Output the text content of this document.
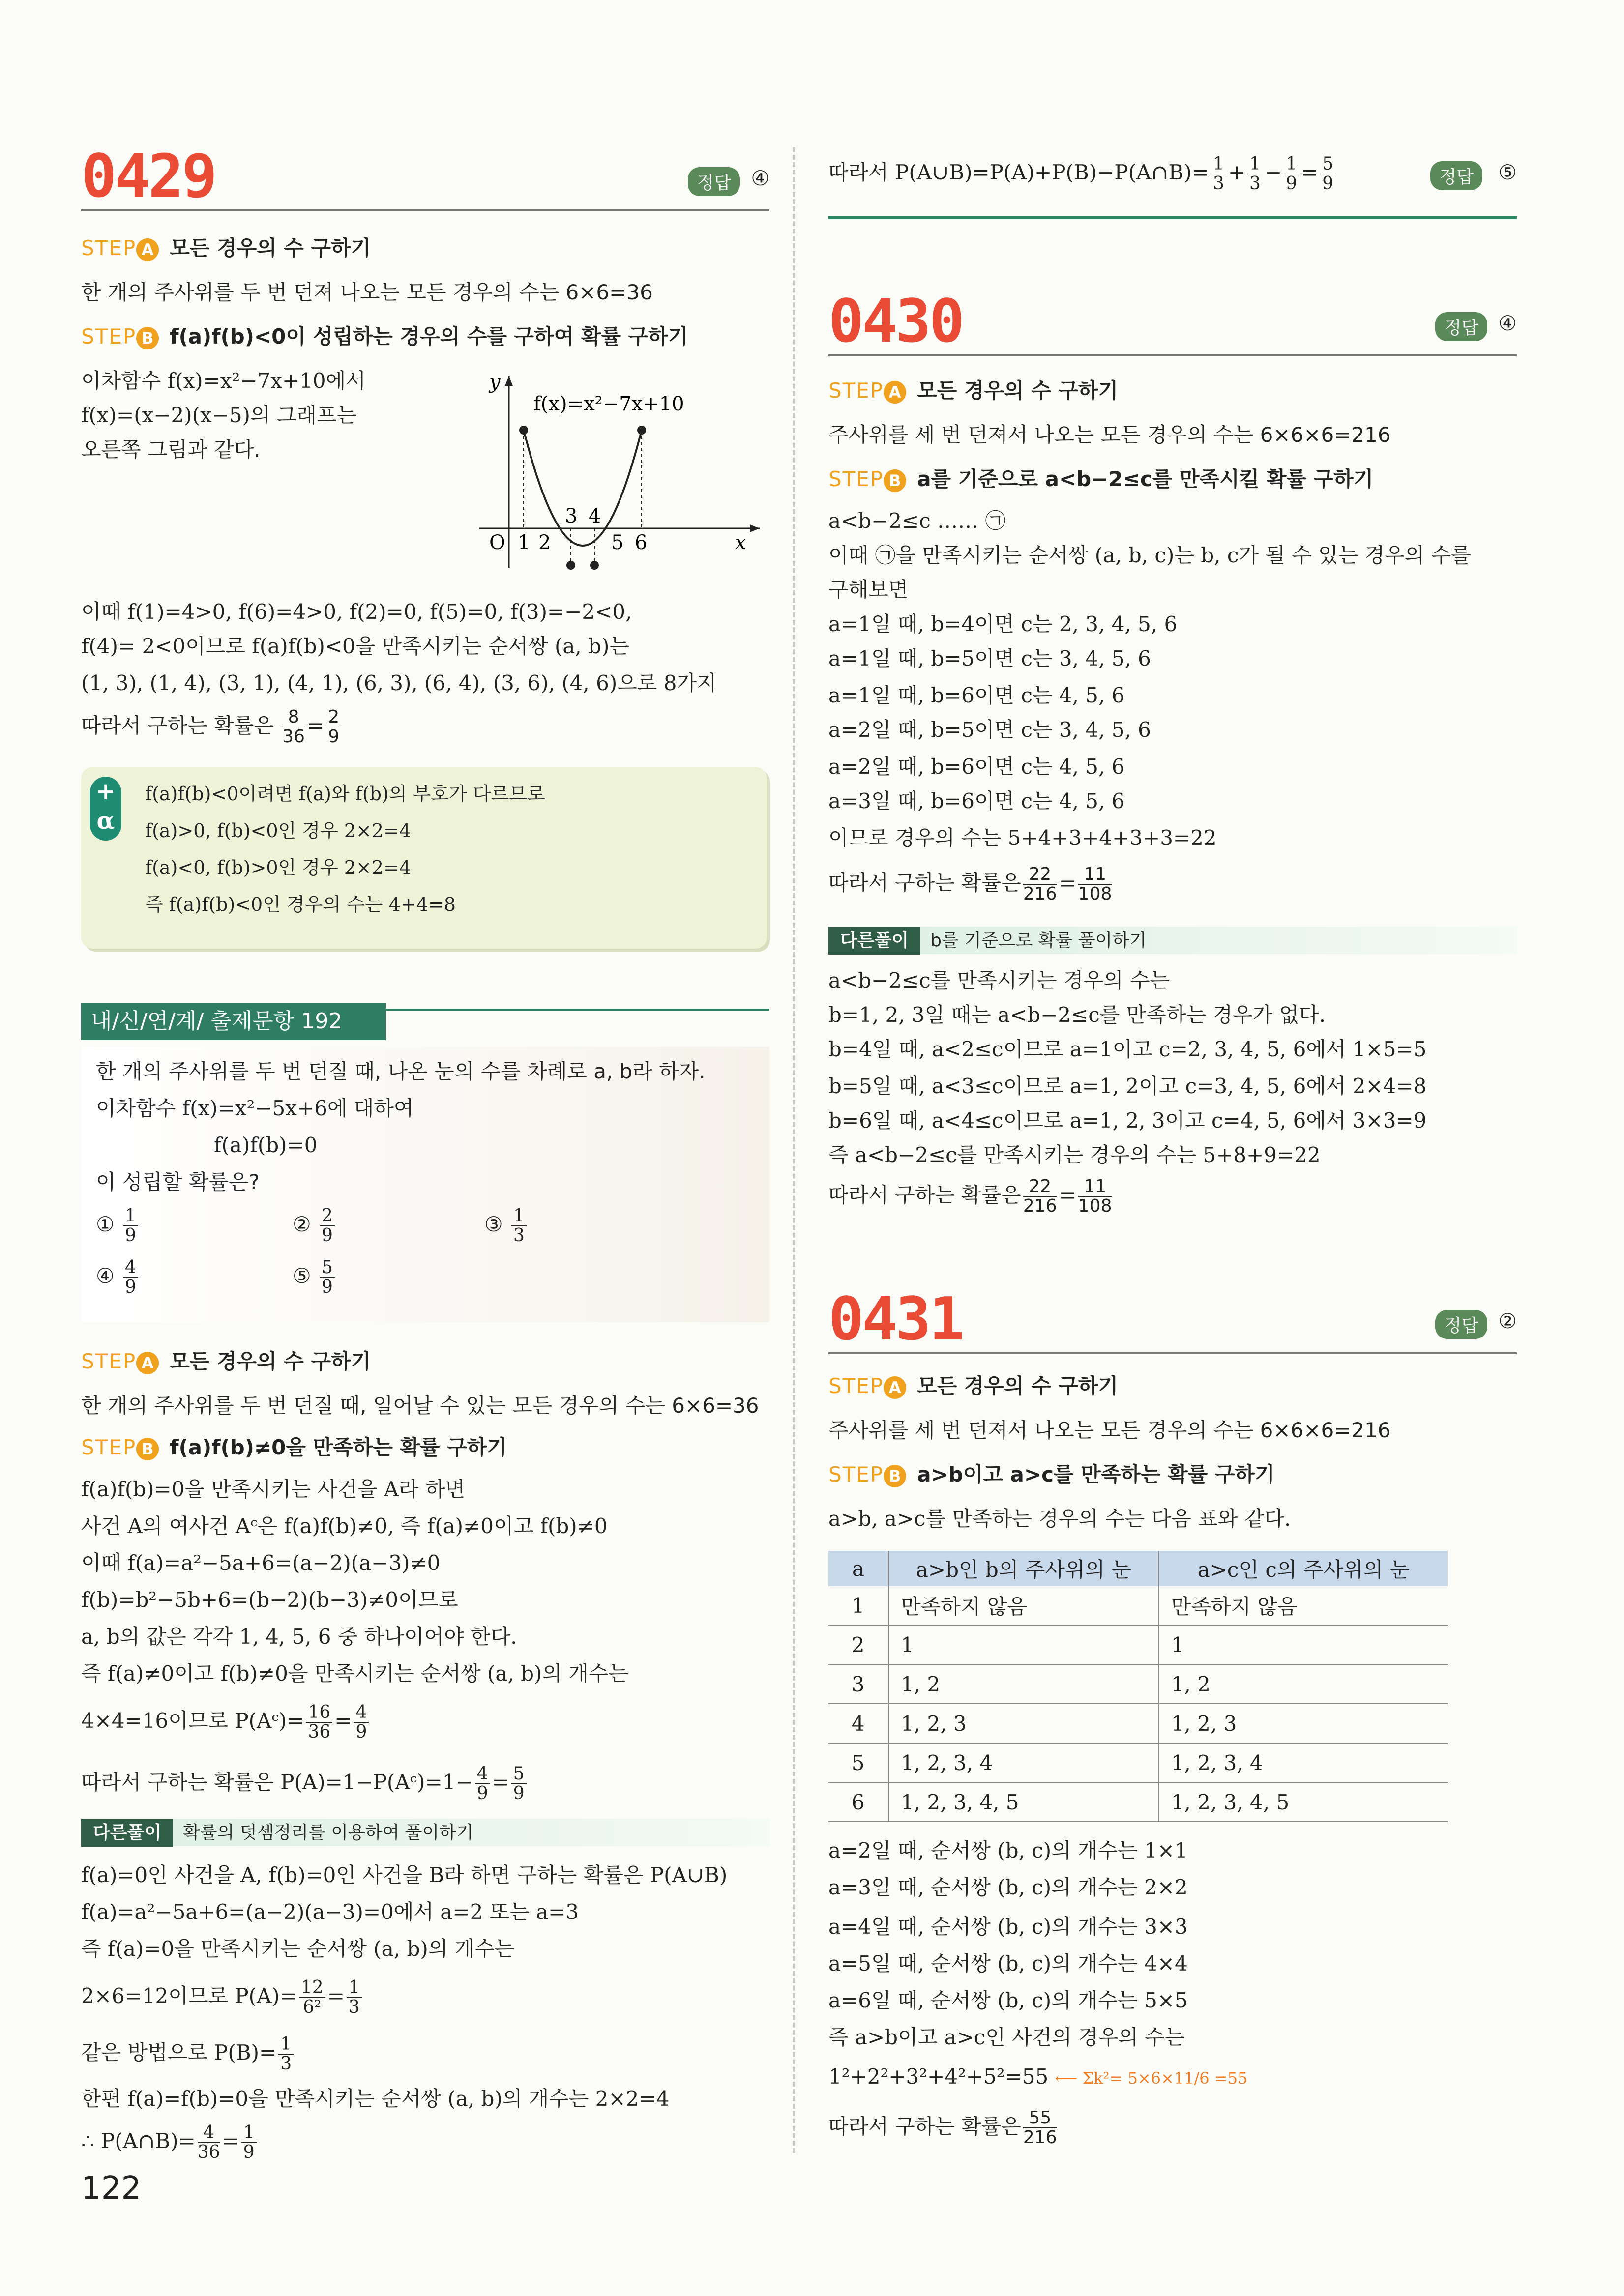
0429	정답 ④
STEP A 모든 경우의 수 구하기
한 개의 주사위를 두 번 던져 나오는 모든 경우의 수는 6×6=36
STEP B f(a)f(b)<0이 성립하는 경우의 수를 구하여 확률 구하기
이차함수 f(x)=x²−7x+10에서
f(x)=(x−2)(x−5)의 그래프는
오른쪽 그림과 같다.
O 1 2
3 4
5 6	x
y
f(x)=x²−7x+10
이때 f(1)=4>0, f(6)=4>0, f(2)=0, f(5)=0, f(3)=−2<0,
f(4)= 2<0이므로 f(a)f(b)<0을 만족시키는 순서쌍 (a, b)는
(1, 3), (1, 4), (3, 1), (4, 1), (6, 3), (6, 4), (3, 6), (4, 6)으로 8가지
따라서 구하는 확률은 $\frac{8}{36} = \frac{2}{9}$
+
α
f(a)f(b)<0이려면 f(a)와 f(b)의 부호가 다르므로
f(a)>0, f(b)<0인 경우 2×2=4
f(a)<0, f(b)>0인 경우 2×2=4
즉 f(a)f(b)<0인 경우의 수는 4+4=8
내/신/연/계/ 출제문항 192
한 개의 주사위를 두 번 던질 때, 나온 눈의 수를 차례로 a, b라 하자.
이차함수 f(x)=x²−5x+6에 대하여
f(a)f(b)=0
이 성립할 확률은?
① $\frac{1}{9}$	② $\frac{2}{9}$	③ $\frac{1}{3}$
④ $\frac{4}{9}$	⑤ $\frac{5}{9}$
STEP A 모든 경우의 수 구하기
한 개의 주사위를 두 번 던질 때, 일어날 수 있는 모든 경우의 수는 6×6=36
STEP B f(a)f(b)≠0을 만족하는 확률 구하기
f(a)f(b)=0을 만족시키는 사건을 A라 하면
사건 A의 여사건 Aᶜ은 f(a)f(b)≠0, 즉 f(a)≠0이고 f(b)≠0
이때 f(a)=a²−5a+6=(a−2)(a−3)≠0
f(b)=b²−5b+6=(b−2)(b−3)≠0이므로
a, b의 값은 각각 1, 4, 5, 6 중 하나이어야 한다.
즉 f(a)≠0이고 f(b)≠0을 만족시키는 순서쌍 (a, b)의 개수는
4×4=16이므로 P(Aᶜ)= $\frac{16}{36} = \frac{4}{9}$
따라서 구하는 확률은 P(A)=1−P(Aᶜ)=1− $\frac{4}{9} = \frac{5}{9}$
다른풀이 확률의 덧셈정리를 이용하여 풀이하기
f(a)=0인 사건을 A, f(b)=0인 사건을 B라 하면 구하는 확률은 P(A∪B)
f(a)=a²−5a+6=(a−2)(a−3)=0에서 a=2 또는 a=3
즉 f(a)=0을 만족시키는 순서쌍 (a, b)의 개수는
2×6=12이므로 $P(A)= \frac{12}{\text{6²}} = \frac{1}{3}$
같은 방법으로 $P(B)= \frac{1}{3}$
한편 f(a)=f(b)=0을 만족시키는 순서쌍 (a, b)의 개수는 2×2=4
∴ P(A∩B)= $\frac{4}{36} = \frac{1}{9}$
따라서 P(A∪B)=P(A)+P(B)−P(A∩B)= $\frac{1}{3} + \frac{1}{3} - \frac{1}{9} = \frac{5}{9}$	정답	⑤
0430	정답 ④
STEP A 모든 경우의 수 구하기
주사위를 세 번 던져서 나오는 모든 경우의 수는 6×6×6=216
STEP B a를 기준으로 a<b−2≤c를 만족시킬 확률 구하기
a<b−2≤c …… ㉠
이때 ㉠을 만족시키는 순서쌍 (a, b, c)는 b, c가 될 수 있는 경우의 수를
구해보면
a=1일 때, b=4이면 c는 2, 3, 4, 5, 6
a=1일 때, b=5이면 c는 3, 4, 5, 6
a=1일 때, b=6이면 c는 4, 5, 6
a=2일 때, b=5이면 c는 3, 4, 5, 6
a=2일 때, b=6이면 c는 4, 5, 6
a=3일 때, b=6이면 c는 4, 5, 6
이므로 경우의 수는 5+4+3+4+3+3=22
따라서 구하는 확률은 $\frac{22}{216} = \frac{11}{108}$
다른풀이 b를 기준으로 확률 풀이하기
a<b−2≤c를 만족시키는 경우의 수는
b=1, 2, 3일 때는 a<b−2≤c를 만족하는 경우가 없다.
b=4일 때, a<2≤c이므로 a=1이고 c=2, 3, 4, 5, 6에서 1×5=5
b=5일 때, a<3≤c이므로 a=1, 2이고 c=3, 4, 5, 6에서 2×4=8
b=6일 때, a<4≤c이므로 a=1, 2, 3이고 c=4, 5, 6에서 3×3=9
즉 a<b−2≤c를 만족시키는 경우의 수는 5+8+9=22
따라서 구하는 확률은 $\frac{22}{216} = \frac{11}{108}$
0431	정답 ②
STEP A 모든 경우의 수 구하기
주사위를 세 번 던져서 나오는 모든 경우의 수는 6×6×6=216
STEP B a>b이고 a>c를 만족하는 확률 구하기
a>b, a>c를 만족하는 경우의 수는 다음 표와 같다.
a	a>b인 b의 주사위의 눈	a>c인 c의 주사위의 눈
1	만족하지 않음	만족하지 않음
2	1	1
3	1, 2	1, 2
4	1, 2, 3	1, 2, 3
5	1, 2, 3, 4	1, 2, 3, 4
6	1, 2, 3, 4, 5	1, 2, 3, 4, 5
a=2일 때, 순서쌍 (b, c)의 개수는 1×1
a=3일 때, 순서쌍 (b, c)의 개수는 2×2
a=4일 때, 순서쌍 (b, c)의 개수는 3×3
a=5일 때, 순서쌍 (b, c)의 개수는 4×4
a=6일 때, 순서쌍 (b, c)의 개수는 5×5
즉 a>b이고 a>c인 사건의 경우의 수는
1²+2²+3²+4²+5²=55 ⟵ Σk²= 5×6×11/6 =55
따라서 구하는 확률은 $\frac{55}{216}$
122
